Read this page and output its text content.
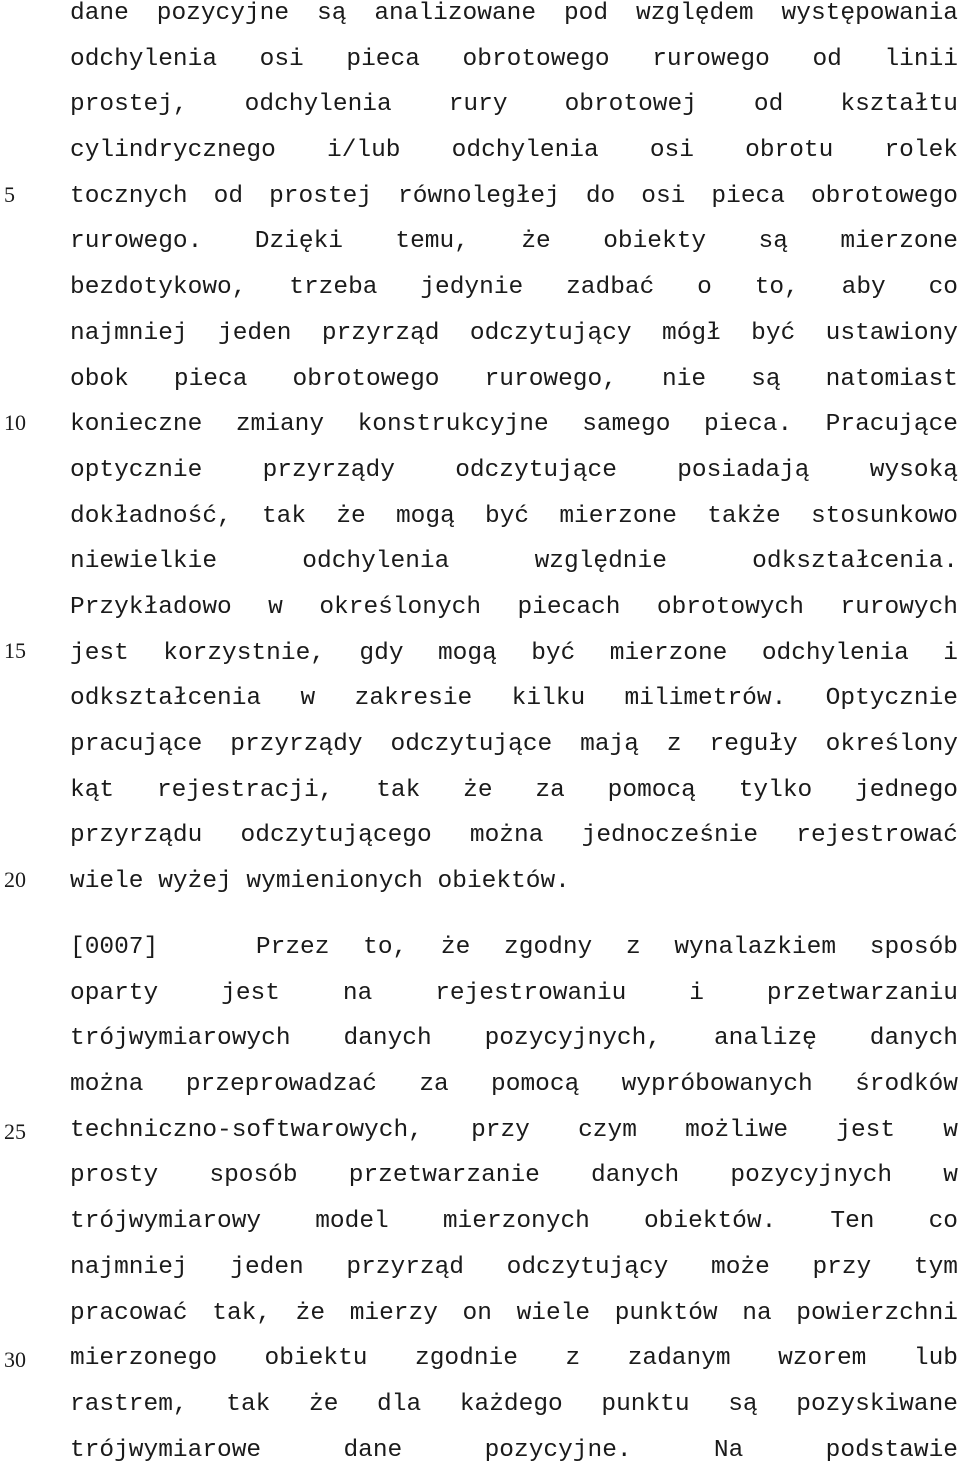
5
10
15
20
25
30
dane pozycyjne są analizowane pod względem występowania
odchylenia osi pieca obrotowego rurowego od linii
prostej, odchylenia rury obrotowej od kształtu
cylindrycznego i/lub odchylenia osi obrotu rolek
tocznych od prostej równoległej do osi pieca obrotowego
rurowego. Dzięki temu, że obiekty są mierzone
bezdotykowo, trzeba jedynie zadbać o to, aby co
najmniej jeden przyrząd odczytujący mógł być ustawiony
obok pieca obrotowego rurowego, nie są natomiast
konieczne zmiany konstrukcyjne samego pieca. Pracujące
optycznie przyrządy odczytujące posiadają wysoką
dokładność, tak że mogą być mierzone także stosunkowo
niewielkie odchylenia względnie odkształcenia.
Przykładowo w określonych piecach obrotowych rurowych
jest korzystnie, gdy mogą być mierzone odchylenia i
odkształcenia w zakresie kilku milimetrów. Optycznie
pracujące przyrządy odczytujące mają z reguły określony
kąt rejestracji, tak że za pomocą tylko jednego
przyrządu odczytującego można jednocześnie rejestrować
wiele wyżej wymienionych obiektów.
[0007]	Przez to, że zgodny z wynalazkiem sposób
oparty jest na rejestrowaniu i przetwarzaniu
trójwymiarowych danych pozycyjnych, analizę danych
można przeprowadzać za pomocą wypróbowanych środków
techniczno-softwarowych, przy czym możliwe jest w
prosty sposób przetwarzanie danych pozycyjnych w
trójwymiarowy model mierzonych obiektów. Ten co
najmniej jeden przyrząd odczytujący może przy tym
pracować tak, że mierzy on wiele punktów na powierzchni
mierzonego obiektu zgodnie z zadanym wzorem lub
rastrem, tak że dla każdego punktu są pozyskiwane
trójwymiarowe dane pozycyjne. Na podstawie
